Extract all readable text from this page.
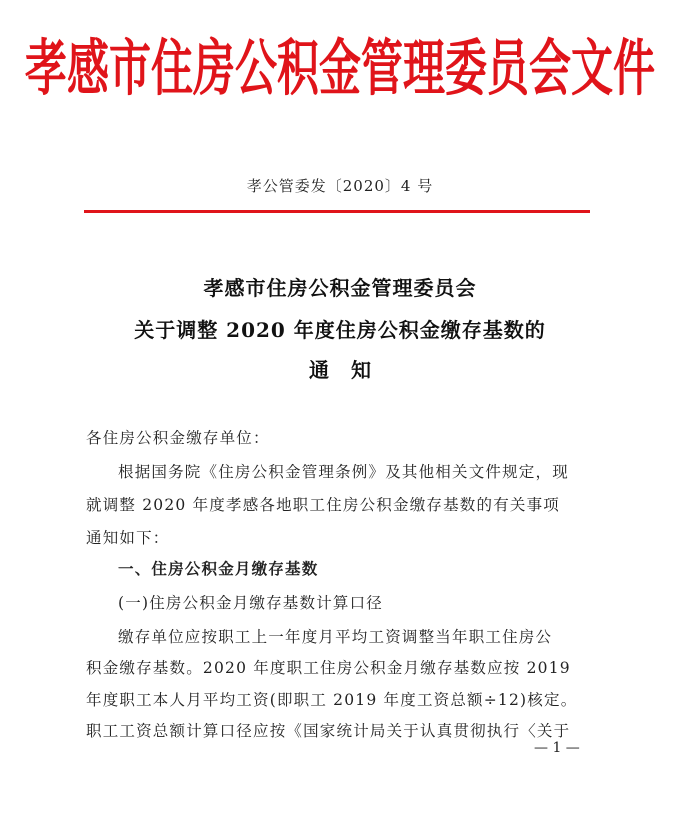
孝感市住房公积金管理委员会文件
孝公管委发〔2020〕4 号
孝感市住房公积金管理委员会
关于调整 2020 年度住房公积金缴存基数的
通知
各住房公积金缴存单位：
根据国务院《住房公积金管理条例》及其他相关文件规定，现
就调整 2020 年度孝感各地职工住房公积金缴存基数的有关事项
通知如下：
一、住房公积金月缴存基数
(一)住房公积金月缴存基数计算口径
缴存单位应按职工上一年度月平均工资调整当年职工住房公
积金缴存基数。2020 年度职工住房公积金月缴存基数应按 2019
年度职工本人月平均工资(即职工 2019 年度工资总额÷12)核定。
职工工资总额计算口径应按《国家统计局关于认真贯彻执行〈关于
— 1 —
